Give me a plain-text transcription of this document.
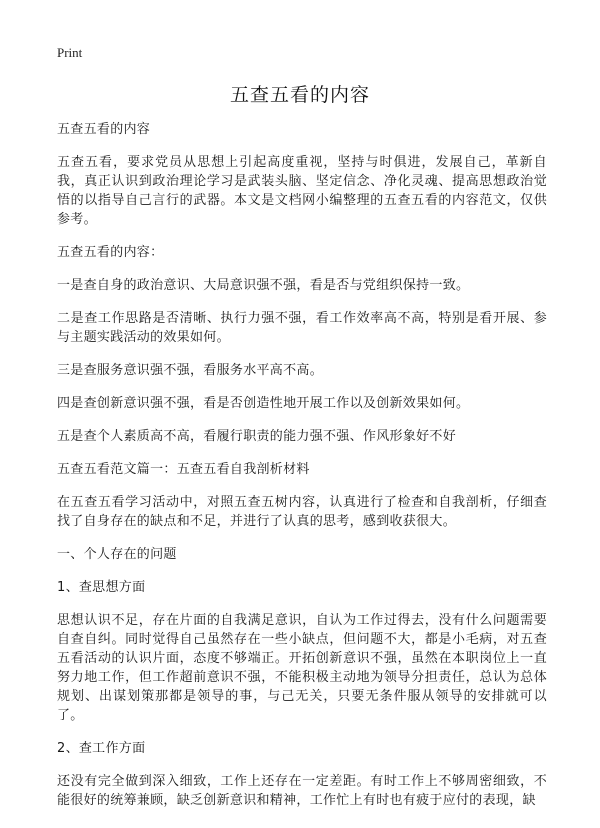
Print
五查五看的内容

五查五看的内容

五查五看，要求党员从思想上引起高度重视，坚持与时俱进，发展自己，革新自我，真正认识到政治理论学习是武装头脑、坚定信念、净化灵魂、提高思想政治觉悟的以指导自己言行的武器。本文是文档网小编整理的五查五看的内容范文，仅供参考。

五查五看的内容：

一是查自身的政治意识、大局意识强不强，看是否与党组织保持一致。

二是查工作思路是否清晰、执行力强不强，看工作效率高不高，特别是看开展、参与主题实践活动的效果如何。

三是查服务意识强不强，看服务水平高不高。

四是查创新意识强不强，看是否创造性地开展工作以及创新效果如何。

五是查个人素质高不高，看履行职责的能力强不强、作风形象好不好

五查五看范文篇一：五查五看自我剖析材料

在五查五看学习活动中，对照五查五树内容，认真进行了检查和自我剖析，仔细查找了自身存在的缺点和不足，并进行了认真的思考，感到收获很大。

一、个人存在的问题

1、查思想方面

思想认识不足，存在片面的自我满足意识，自认为工作过得去，没有什么问题需要自查自纠。同时觉得自己虽然存在一些小缺点，但问题不大，都是小毛病，对五查五看活动的认识片面，态度不够端正。开拓创新意识不强，虽然在本职岗位上一直努力地工作，但工作超前意识不强，不能积极主动地为领导分担责任，总认为总体规划、出谋划策那都是领导的事，与己无关，只要无条件服从领导的安排就可以了。

2、查工作方面

还没有完全做到深入细致，工作上还存在一定差距。有时工作上不够周密细致，不能很好的统筹兼顾，缺乏创新意识和精神，工作忙上有时也有疲于应付的表现，缺
